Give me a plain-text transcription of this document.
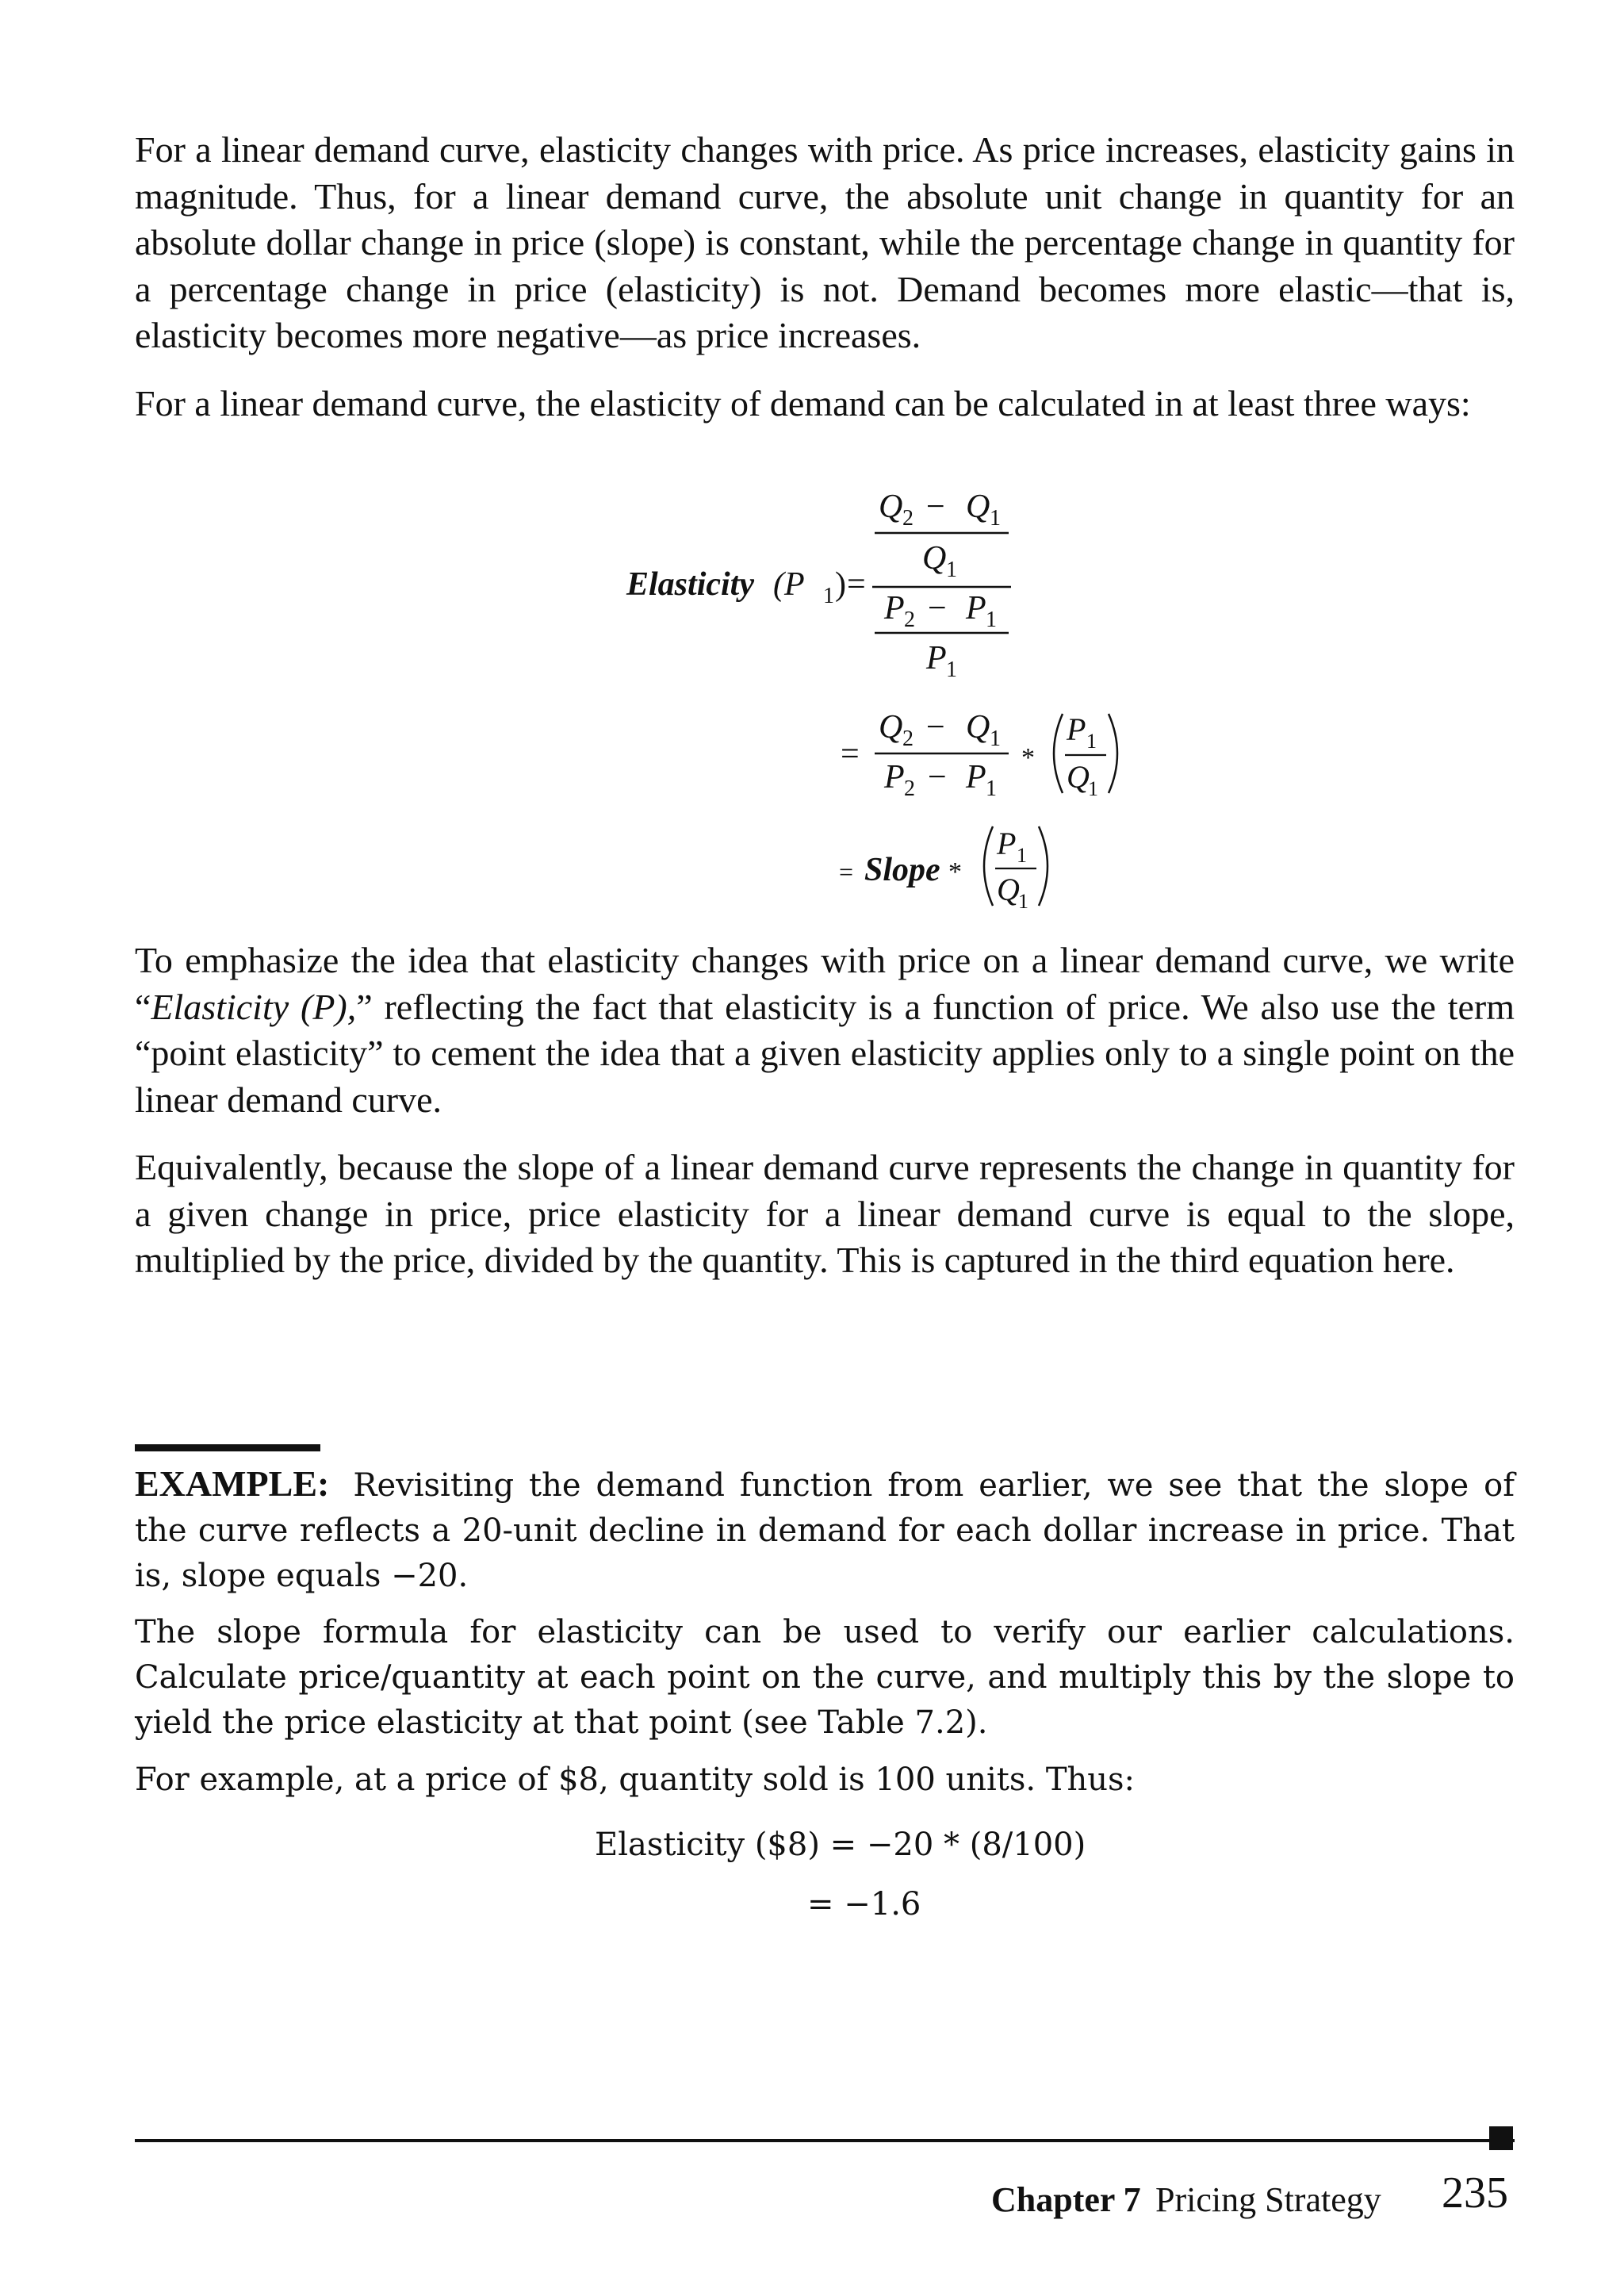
For a linear demand curve, elasticity changes with price. As price increases, elasticity gains in magnitude. Thus, for a linear demand curve, the absolute unit change in quantity for an absolute dollar change in price (slope) is constant, while the percentage change in quantity for a percentage change in price (elasticity) is not. Demand becomes more elastic—that is, elasticity becomes more negative—as price increases.

For a linear demand curve, the elasticity of demand can be calculated in at least three ways:

Elasticity (P 1 ) =
Q 2 − Q 1
Q 1
P 2 − P 1
P 1
=
Q 2 − Q 1
P 2 − P 1
*
P 1
Q
1
= Slope *
P 1
Q
1

To emphasize the idea that elasticity changes with price on a linear demand curve, we write “Elasticity (P),” reflecting the fact that elasticity is a function of price. We also use the term “point elasticity” to cement the idea that a given elasticity applies only to a single point on the linear demand curve.

Equivalently, because the slope of a linear demand curve represents the change in quantity for a given change in price, price elasticity for a linear demand curve is equal to the slope, multiplied by the price, divided by the quantity. This is captured in the third equation here.

EXAMPLE: Revisiting the demand function from earlier, we see that the slope of the curve reflects a 20-unit decline in demand for each dollar increase in price. That is, slope equals −20.

The slope formula for elasticity can be used to verify our earlier calculations. Calculate price/quantity at each point on the curve, and multiply this by the slope to yield the price elasticity at that point (see Table 7.2).

For example, at a price of $8, quantity sold is 100 units. Thus:

Elasticity ($8) = −20 * (8/100)
= −1.6
Chapter 7 Pricing Strategy 235
